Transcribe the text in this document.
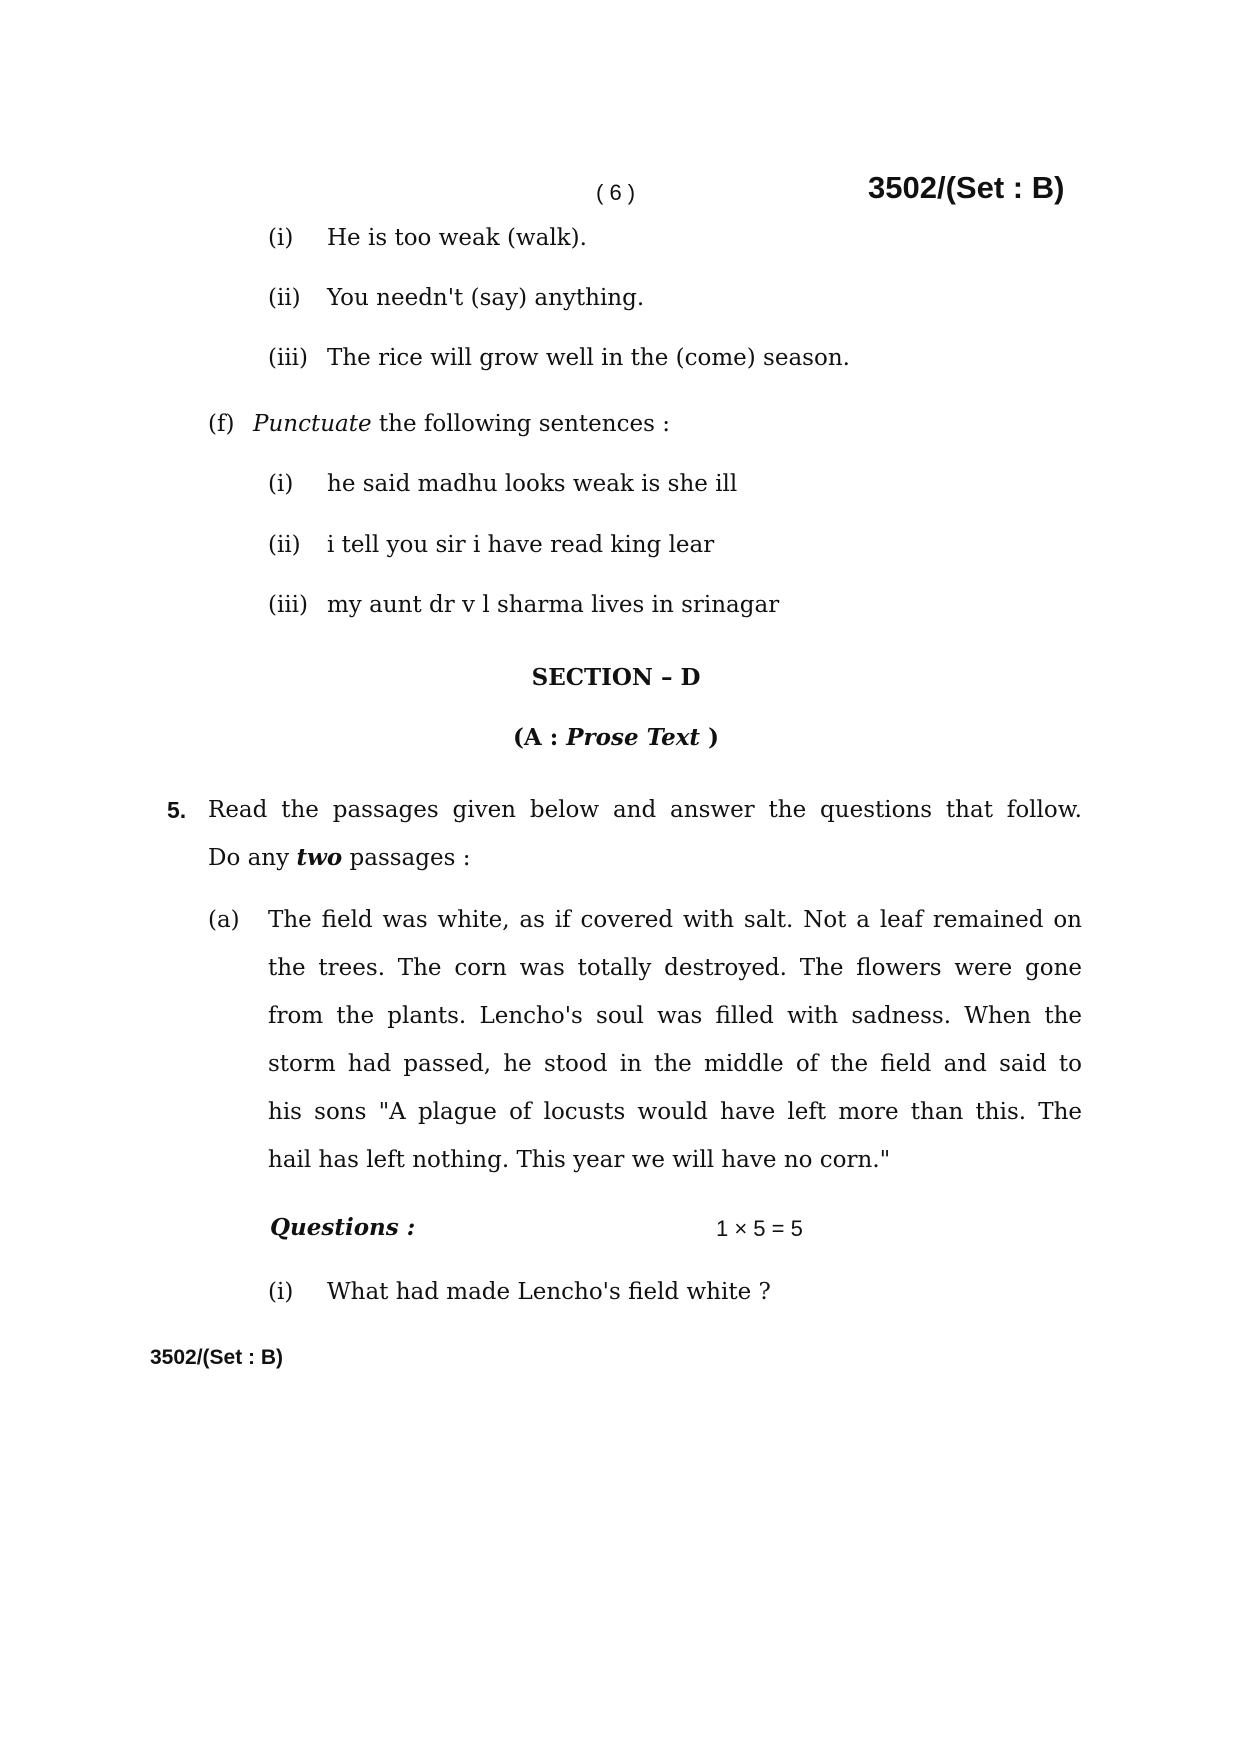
( 6 )	3502/(Set : B)
(i) He is too weak (walk).
(ii) You needn't (say) anything.
(iii) The rice will grow well in the (come) season.
(f) Punctuate the following sentences :
(i) he said madhu looks weak is she ill
(ii) i tell you sir i have read king lear
(iii) my aunt dr v l sharma lives in srinagar
SECTION – D
(A : Prose Text )
5. Read the passages given below and answer the questions that follow.
Do any two passages :
(a) The field was white, as if covered with salt. Not a leaf remained on
the trees. The corn was totally destroyed. The flowers were gone
from the plants. Lencho's soul was filled with sadness. When the
storm had passed, he stood in the middle of the field and said to
his sons "A plague of locusts would have left more than this. The
hail has left nothing. This year we will have no corn."
Questions :	1 × 5 = 5
(i) What had made Lencho's field white ?
3502/(Set : B)
